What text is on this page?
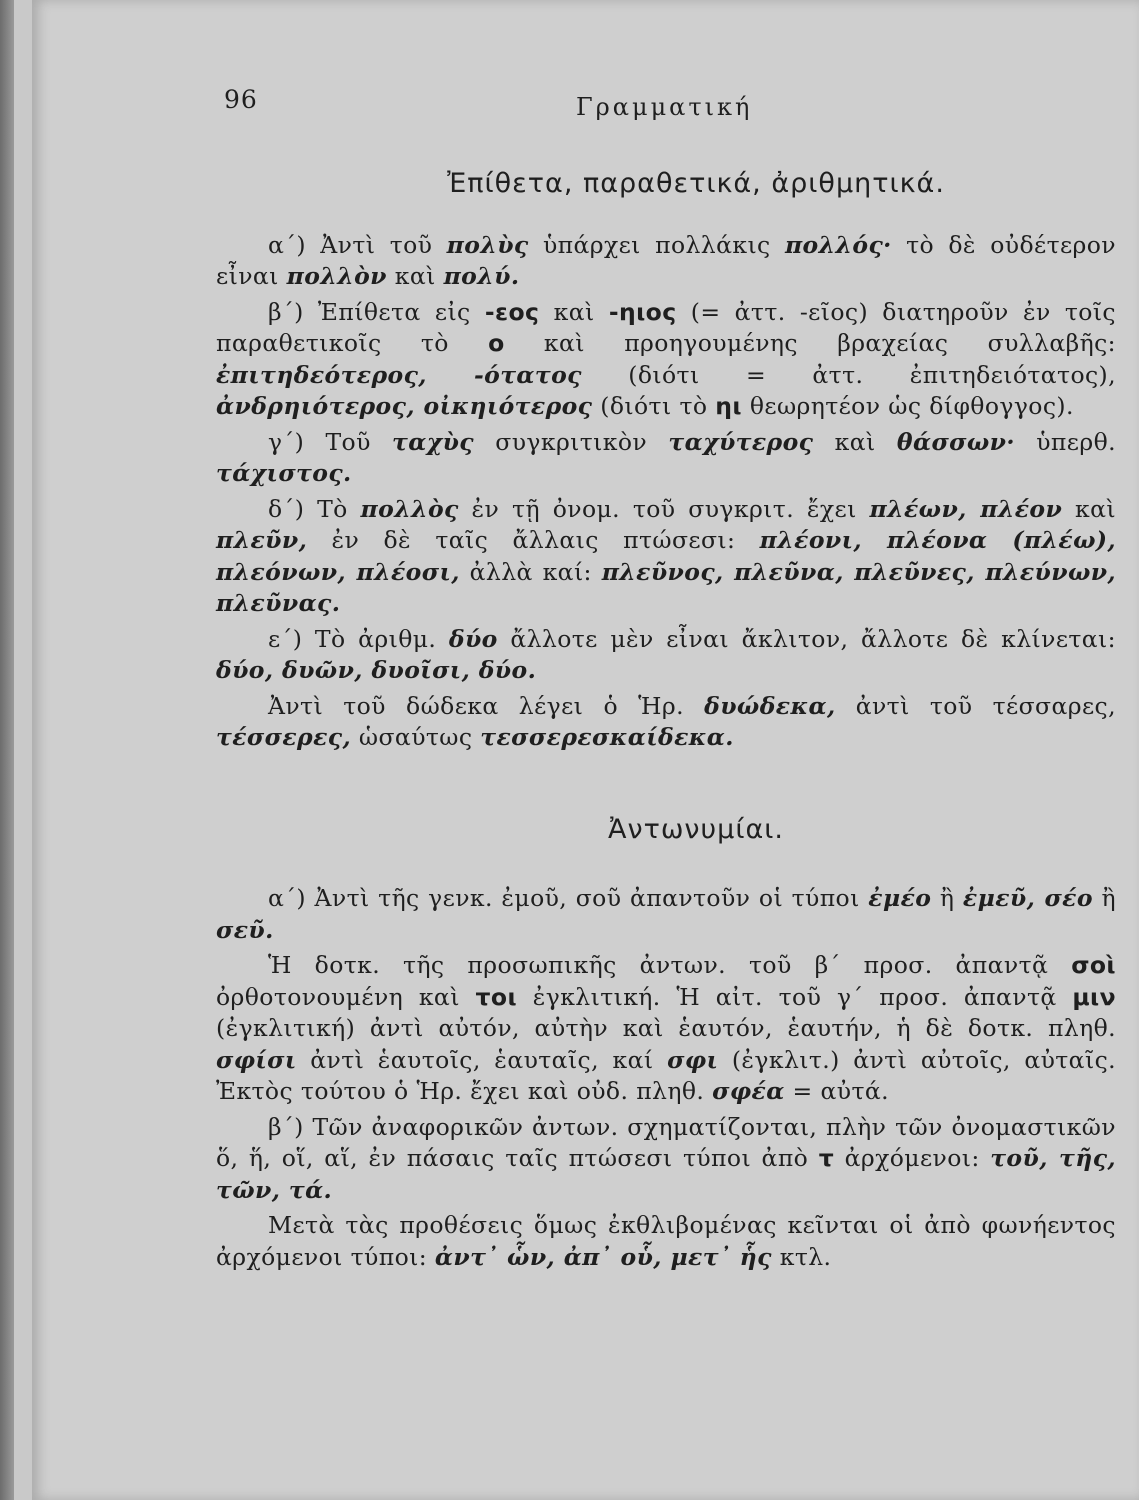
96	Γραμματική
Ἐπίθετα, παραθετικά, ἀριθμητικά.

α΄) Ἀντὶ τοῦ πολὺς ὑπάρχει πολλάκις πολλός· τὸ δὲ οὐδέτερον εἶναι πολλὸν καὶ πολύ.

β΄) Ἐπίθετα εἰς -εος καὶ -ηιος (= ἀττ. -εῖος) διατηροῦν ἐν τοῖς παραθετικοῖς τὸ ο καὶ προηγουμένης βραχείας συλλαβῆς: ἐπιτηδεότερος, -ότατος (διότι = ἀττ. ἐπιτηδειότατος), ἀνδρηιότερος, οἰκηιότερος (διότι τὸ ηι θεωρητέον ὡς δίφθογγος).

γ΄) Τοῦ ταχὺς συγκριτικὸν ταχύτερος καὶ θάσσων· ὑπερθ. τάχιστος.

δ΄) Τὸ πολλὸς ἐν τῇ ὀνομ. τοῦ συγκριτ. ἔχει πλέων, πλέον καὶ πλεῦν, ἐν δὲ ταῖς ἄλλαις πτώσεσι: πλέονι, πλέονα (πλέω), πλεόνων, πλέοσι, ἀλλὰ καί: πλεῦνος, πλεῦνα, πλεῦνες, πλεύνων, πλεῦνας.

ε΄) Τὸ ἀριθμ. δύο ἄλλοτε μὲν εἶναι ἄκλιτον, ἄλλοτε δὲ κλίνεται: δύο, δυῶν, δυοῖσι, δύο.

Ἀντὶ τοῦ δώδεκα λέγει ὁ Ἡρ. δυώδεκα, ἀντὶ τοῦ τέσσαρες, τέσσερες, ὡσαύτως τεσσερεσκαίδεκα.

Ἀντωνυμίαι.

α΄) Ἀντὶ τῆς γενκ. ἐμοῦ, σοῦ ἀπαντοῦν οἱ τύποι ἐμέο ἢ ἐμεῦ, σέο ἢ σεῦ.

Ἡ δοτκ. τῆς προσωπικῆς ἀντων. τοῦ β΄ προσ. ἀπαντᾷ σοὶ ὀρθοτονουμένη καὶ τοι ἐγκλιτική. Ἡ αἰτ. τοῦ γ΄ προσ. ἀπαντᾷ μιν (ἐγκλιτική) ἀντὶ αὐτόν, αὐτὴν καὶ ἑαυτόν, ἑαυτήν, ἡ δὲ δοτκ. πληθ. σφίσι ἀντὶ ἑαυτοῖς, ἑαυταῖς, καί σφι (ἐγκλιτ.) ἀντὶ αὐτοῖς, αὐταῖς. Ἐκτὸς τούτου ὁ Ἡρ. ἔχει καὶ οὐδ. πληθ. σφέα = αὐτά.

β΄) Τῶν ἀναφορικῶν ἀντων. σχηματίζονται, πλὴν τῶν ὀνομαστικῶν ὅ, ἥ, οἵ, αἵ, ἐν πάσαις ταῖς πτώσεσι τύποι ἀπὸ τ ἀρχόμενοι: τοῦ, τῆς, τῶν, τά.

Μετὰ τὰς προθέσεις ὅμως ἐκθλιβομένας κεῖνται οἱ ἀπὸ φωνήεντος ἀρχόμενοι τύποι: ἀντ᾽ ὧν, ἀπ᾽ οὗ, μετ᾽ ἧς κτλ.
